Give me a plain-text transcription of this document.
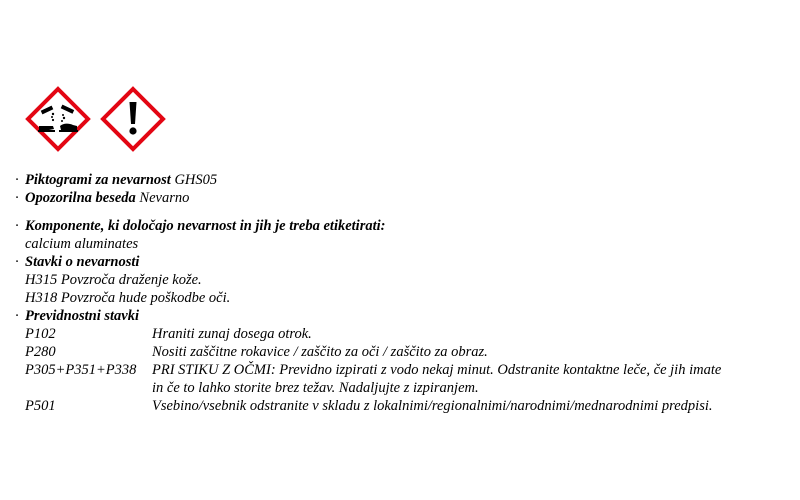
· Piktogrami za nevarnost GHS05
· Opozorilna beseda Nevarno
· Komponente, ki določajo nevarnost in jih je treba etiketirati:
calcium aluminates
· Stavki o nevarnosti
H315 Povzroča draženje kože.
H318 Povzroča hude poškodbe oči.
· Previdnostni stavki
P102	Hraniti zunaj dosega otrok.
P280	Nositi zaščitne rokavice / zaščito za oči / zaščito za obraz.
P305+P351+P338 PRI STIKU Z OČMI: Previdno izpirati z vodo nekaj minut. Odstranite kontaktne leče, če jih imate
in če to lahko storite brez težav. Nadaljujte z izpiranjem.
P501	Vsebino/vsebnik odstranite v skladu z lokalnimi/regionalnimi/narodnimi/mednarodnimi predpisi.
